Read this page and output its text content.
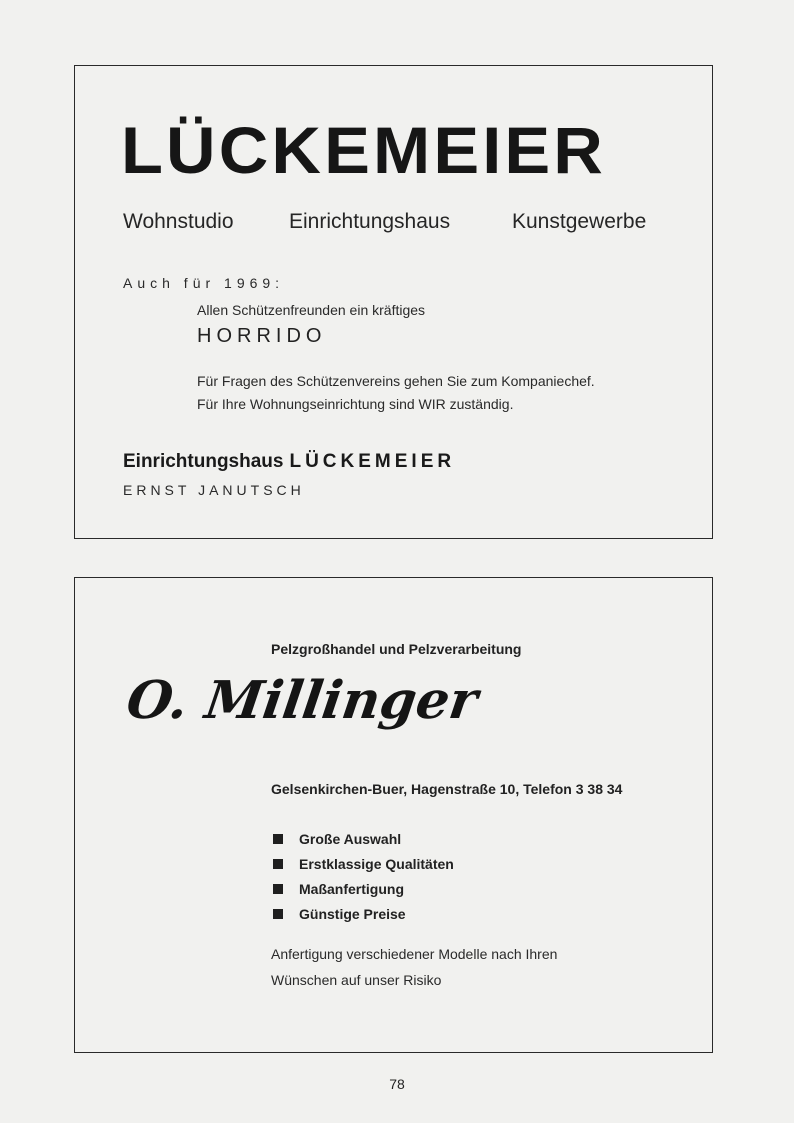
LÜCKEMEIER
Wohnstudio	Einrichtungshaus	Kunstgewerbe
Auch für 1969:
Allen Schützenfreunden ein kräftiges
HORRIDO
Für Fragen des Schützenvereins gehen Sie zum Kompaniechef.
Für Ihre Wohnungseinrichtung sind WIR zuständig.
Einrichtungshaus LÜCKEMEIER
ERNST JANUTSCH
Pelzgroßhandel und Pelzverarbeitung
O. Millinger
Gelsenkirchen-Buer, Hagenstraße 10, Telefon 3 38 34
Große Auswahl
Erstklassige Qualitäten
Maßanfertigung
Günstige Preise
Anfertigung verschiedener Modelle nach Ihren
Wünschen auf unser Risiko
78
